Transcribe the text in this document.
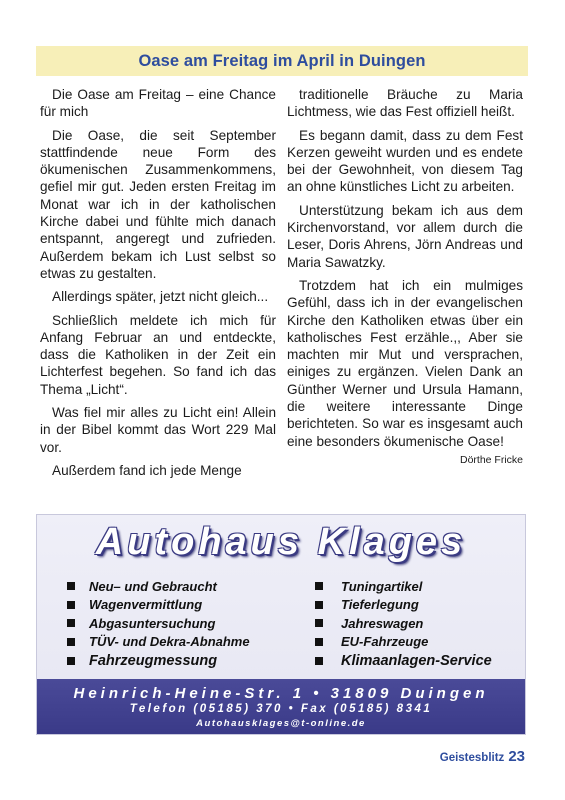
Oase am Freitag im April in Duingen

Die Oase am Freitag – eine Chance für mich

Die Oase, die seit September stattfindende neue Form des ökumenischen Zusammenkommens, gefiel mir gut. Jeden ersten Freitag im Monat war ich in der katholischen Kirche dabei und fühlte mich danach entspannt, angeregt und zufrieden. Außerdem bekam ich Lust selbst so etwas zu gestalten.

Allerdings später, jetzt nicht gleich...

Schließlich meldete ich mich für Anfang Februar an und entdeckte, dass die Katholiken in der Zeit ein Lichterfest begehen. So fand ich das Thema „Licht“.

Was fiel mir alles zu Licht ein! Allein in der Bibel kommt das Wort 229 Mal vor.

Außerdem fand ich jede Menge

traditionelle Bräuche zu Maria Lichtmess, wie das Fest offiziell heißt.

Es begann damit, dass zu dem Fest Kerzen geweiht wurden und es endete bei der Gewohnheit, von diesem Tag an ohne künstliches Licht zu arbeiten.

Unterstützung bekam ich aus dem Kirchenvorstand, vor allem durch die Leser, Doris Ahrens, Jörn Andreas und Maria Sawatzky.

Trotzdem hat ich ein mulmiges Gefühl, dass ich in der evangelischen Kirche den Katholiken etwas über ein katholisches Fest erzähle.,, Aber sie machten mir Mut und versprachen, einiges zu ergänzen. Vielen Dank an Günther Werner und Ursula Hamann, die weitere interessante Dinge berichteten. So war es insgesamt auch eine besonders ökumenische Oase!
Dörthe Fricke

Autohaus Klages
Neu– und Gebraucht
Wagenvermittlung
Abgasuntersuchung
TÜV- und Dekra-Abnahme
Fahrzeugmessung
Tuningartikel
Tieferlegung
Jahreswagen
EU-Fahrzeuge
Klimaanlagen-Service
Heinrich-Heine-Str. 1 • 31809 Duingen
Telefon (05185) 370 • Fax (05185) 8341
Autohausklages@t-online.de
Geistesblitz 23
